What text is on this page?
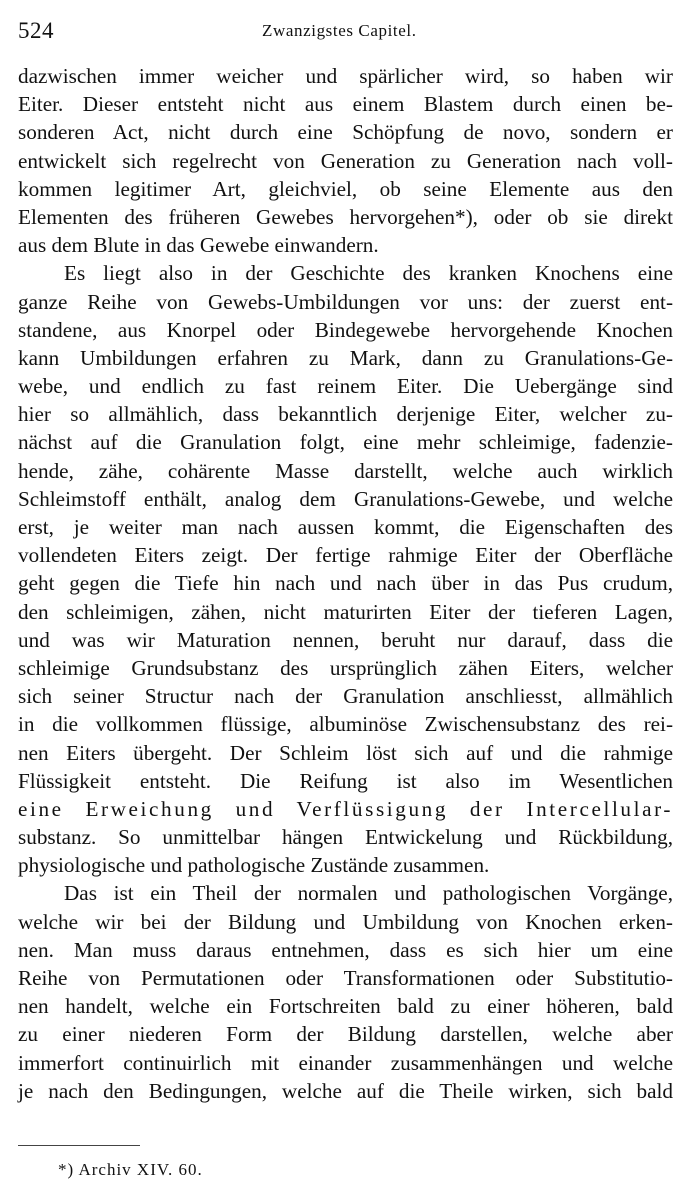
524	Zwanzigstes Capitel.
dazwischen immer weicher und spärlicher wird, so haben wir
Eiter. Dieser entsteht nicht aus einem Blastem durch einen be-
sonderen Act, nicht durch eine Schöpfung de novo, sondern er
entwickelt sich regelrecht von Generation zu Generation nach voll-
kommen legitimer Art, gleichviel, ob seine Elemente aus den
Elementen des früheren Gewebes hervorgehen*), oder ob sie direkt
aus dem Blute in das Gewebe einwandern.
Es liegt also in der Geschichte des kranken Knochens eine
ganze Reihe von Gewebs-Umbildungen vor uns: der zuerst ent-
standene, aus Knorpel oder Bindegewebe hervorgehende Knochen
kann Umbildungen erfahren zu Mark, dann zu Granulations-Ge-
webe, und endlich zu fast reinem Eiter. Die Uebergänge sind
hier so allmählich, dass bekanntlich derjenige Eiter, welcher zu-
nächst auf die Granulation folgt, eine mehr schleimige, fadenzie-
hende, zähe, cohärente Masse darstellt, welche auch wirklich
Schleimstoff enthält, analog dem Granulations-Gewebe, und welche
erst, je weiter man nach aussen kommt, die Eigenschaften des
vollendeten Eiters zeigt. Der fertige rahmige Eiter der Oberfläche
geht gegen die Tiefe hin nach und nach über in das Pus crudum,
den schleimigen, zähen, nicht maturirten Eiter der tieferen Lagen,
und was wir Maturation nennen, beruht nur darauf, dass die
schleimige Grundsubstanz des ursprünglich zähen Eiters, welcher
sich seiner Structur nach der Granulation anschliesst, allmählich
in die vollkommen flüssige, albuminöse Zwischensubstanz des rei-
nen Eiters übergeht. Der Schleim löst sich auf und die rahmige
Flüssigkeit entsteht. Die Reifung ist also im Wesentlichen
eine Erweichung und Verflüssigung der Intercellular-
substanz. So unmittelbar hängen Entwickelung und Rückbildung,
physiologische und pathologische Zustände zusammen.
Das ist ein Theil der normalen und pathologischen Vorgänge,
welche wir bei der Bildung und Umbildung von Knochen erken-
nen. Man muss daraus entnehmen, dass es sich hier um eine
Reihe von Permutationen oder Transformationen oder Substitutio-
nen handelt, welche ein Fortschreiten bald zu einer höheren, bald
zu einer niederen Form der Bildung darstellen, welche aber
immerfort continuirlich mit einander zusammenhängen und welche
je nach den Bedingungen, welche auf die Theile wirken, sich bald
*) Archiv XIV. 60.
